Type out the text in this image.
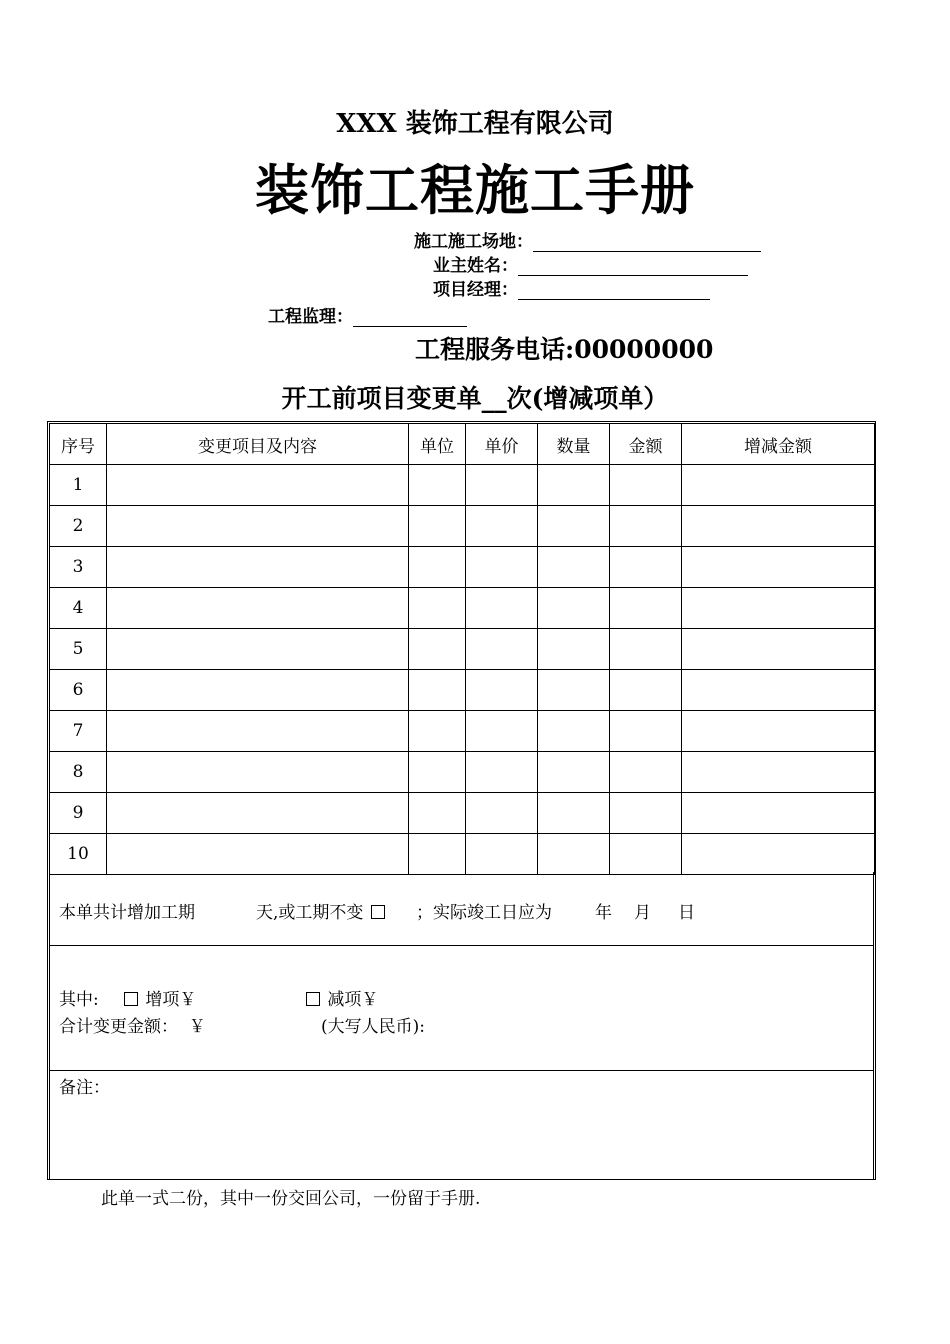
XXX 装饰工程有限公司
装饰工程施工手册
施工施工场地：
业主姓名：
项目经理：
工程监理：
工程服务电话:00000000
开工前项目变更单__次(增减项单）
序号	变更项目及内容	单位	单价	数量	金额	增减金额
1						
2						
3						
4						
5						
6						
7						
8						
9						
10						
本单共计增加工期	天,或工期不变	；实际竣工日应为	年 月 日
其中:	增项￥	减项￥
合计变更金额：  ￥	(大写人民币):
备注：
此单一式二份，其中一份交回公司，一份留于手册.
